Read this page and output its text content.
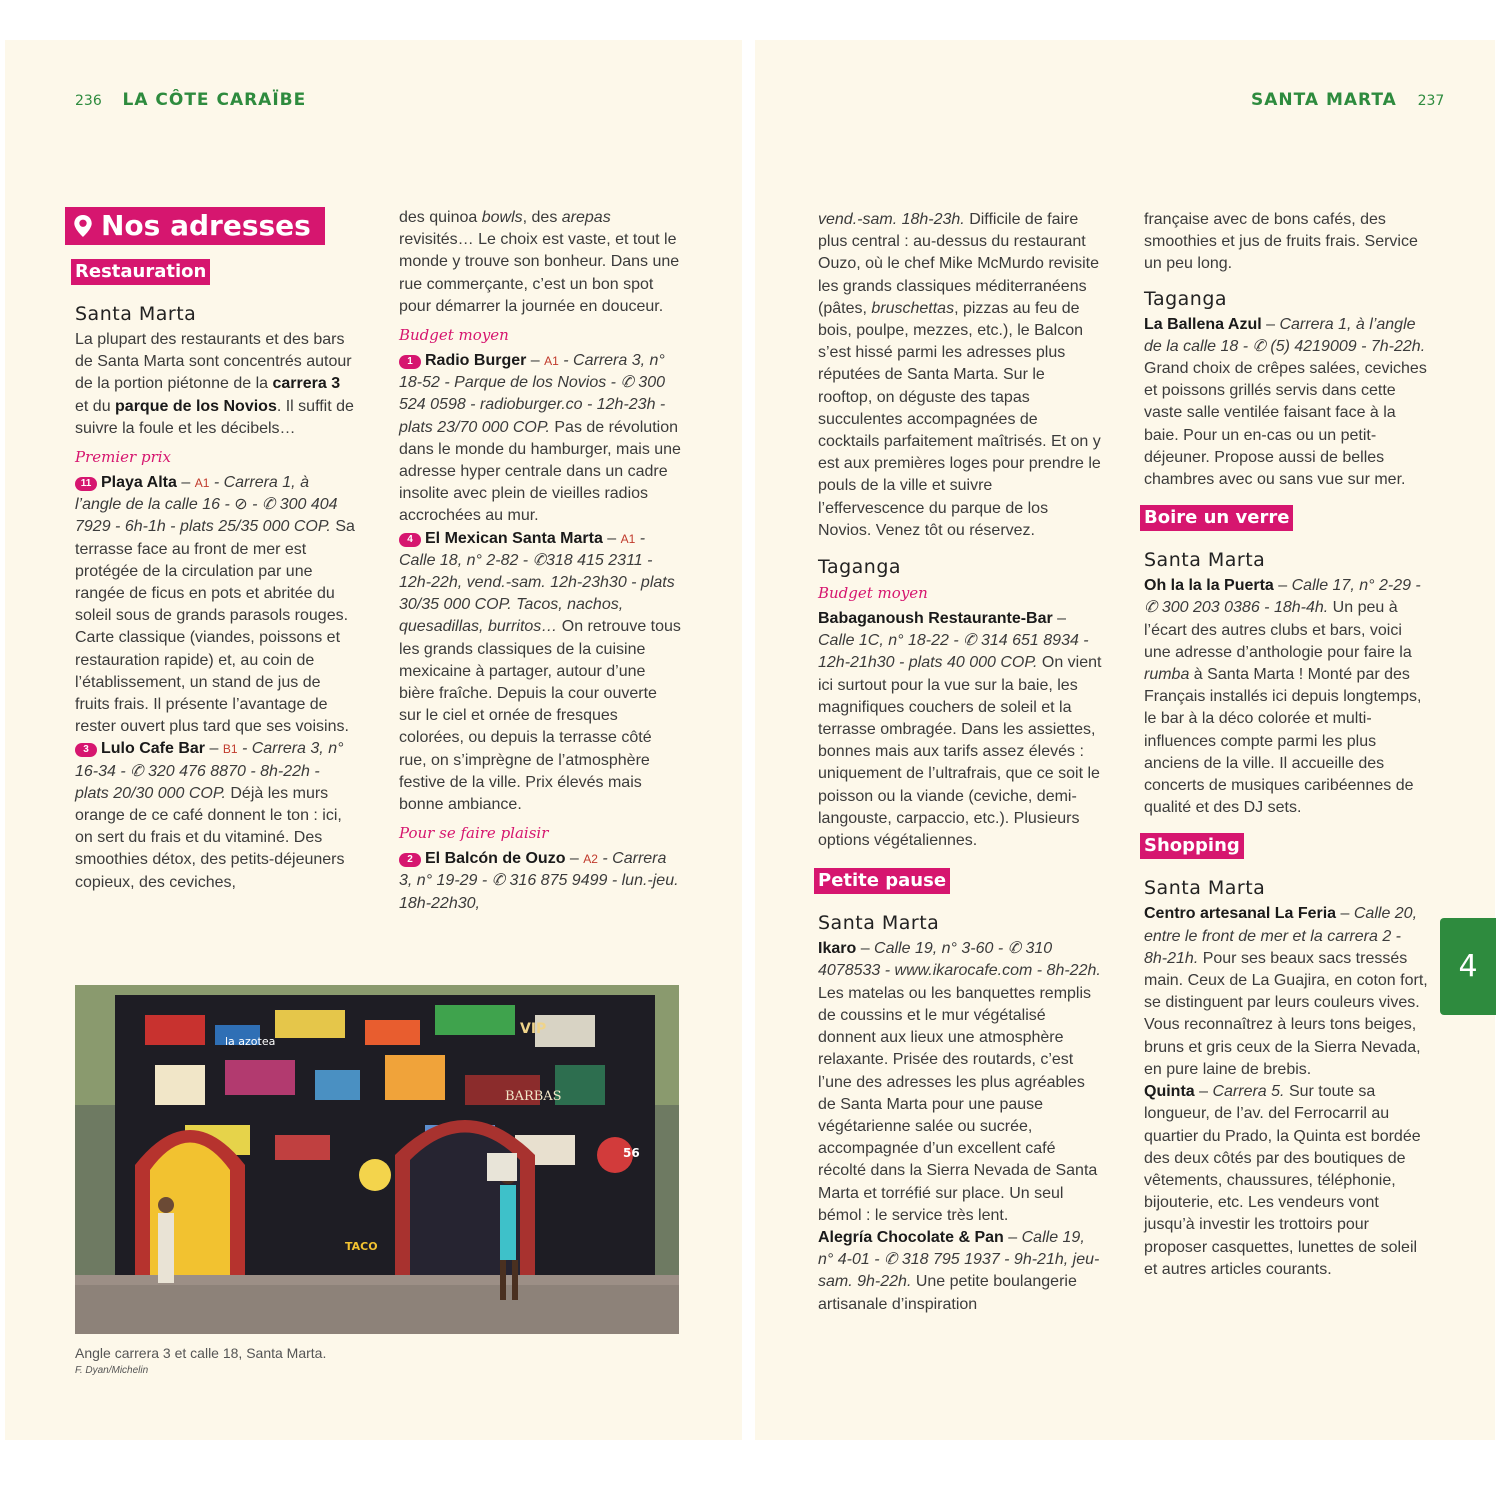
236 LA CÔTE CARAÏBE
Nos adresses
Restauration
Santa Marta

La plupart des restaurants et des bars de Santa Marta sont concentrés autour de la portion piétonne de la carrera 3 et du parque de los Novios. Il suffit de suivre la foule et les décibels…

Premier prix

11 Playa Alta – A1 - Carrera 1, à l’angle de la calle 16 - ⊘ - ✆ 300 404 7929 - 6h-1h - plats 25/35 000 COP. Sa terrasse face au front de mer est protégée de la circulation par une rangée de ficus en pots et abritée du soleil sous de grands parasols rouges. Carte classique (viandes, poissons et restauration rapide) et, au coin de l’établissement, un stand de jus de fruits frais. Il présente l’avantage de rester ouvert plus tard que ses voisins.

3 Lulo Cafe Bar – B1 - Carrera 3, n° 16-34 - ✆ 320 476 8870 - 8h-22h - plats 20/30 000 COP. Déjà les murs orange de ce café donnent le ton : ici, on sert du frais et du vitaminé. Des smoothies détox, des petits-déjeuners copieux, des ceviches,

des quinoa bowls, des arepas revisités… Le choix est vaste, et tout le monde y trouve son bonheur. Dans une rue commerçante, c’est un bon spot pour démarrer la journée en douceur.

Budget moyen

1 Radio Burger – A1 - Carrera 3, n° 18-52 - Parque de los Novios - ✆ 300 524 0598 - radioburger.co - 12h-23h - plats 23/70 000 COP. Pas de révolution dans le monde du hamburger, mais une adresse hyper centrale dans un cadre insolite avec plein de vieilles radios accrochées au mur.

4 El Mexican Santa Marta – A1 - Calle 18, n° 2-82 - ✆318 415 2311 - 12h-22h, vend.-sam. 12h-23h30 - plats 30/35 000 COP. Tacos, nachos, quesadillas, burritos… On retrouve tous les grands classiques de la cuisine mexicaine à partager, autour d’une bière fraîche. Depuis la cour ouverte sur le ciel et ornée de fresques colorées, ou depuis la terrasse côté rue, on s’imprègne de l’atmosphère festive de la ville. Prix élevés mais bonne ambiance.

Pour se faire plaisir

2 El Balcón de Ouzo – A2 - Carrera 3, n° 19-29 - ✆ 316 875 9499 - lun.-jeu. 18h-22h30,

la azotea
BARBAS
VIP
56
TACO
Angle carrera 3 et calle 18, Santa Marta.
F. Dyan/Michelin
SANTA MARTA 237

vend.-sam. 18h-23h. Difficile de faire plus central : au-dessus du restaurant Ouzo, où le chef Mike McMurdo revisite les grands classiques méditerranéens (pâtes, bruschettas, pizzas au feu de bois, poulpe, mezzes, etc.), le Balcon s’est hissé parmi les adresses plus réputées de Santa Marta. Sur le rooftop, on déguste des tapas succulentes accompagnées de cocktails parfaitement maîtrisés. Et on y est aux premières loges pour prendre le pouls de la ville et suivre l’effervescence du parque de los Novios. Venez tôt ou réservez.

Taganga
Budget moyen

Babaganoush Restaurante-Bar – Calle 1C, n° 18-22 - ✆ 314 651 8934 - 12h-21h30 - plats 40 000 COP. On vient ici surtout pour la vue sur la baie, les magnifiques couchers de soleil et la terrasse ombragée. Dans les assiettes, bonnes mais aux tarifs assez élevés : uniquement de l’ultrafrais, que ce soit le poisson ou la viande (ceviche, demi-langouste, carpaccio, etc.). Plusieurs options végétaliennes.

Petite pause
Santa Marta

Ikaro – Calle 19, n° 3-60 - ✆ 310 4078533 - www.ikarocafe.com - 8h-22h. Les matelas ou les banquettes remplis de coussins et le mur végétalisé donnent aux lieux une atmosphère relaxante. Prisée des routards, c’est l’une des adresses les plus agréables de Santa Marta pour une pause végétarienne salée ou sucrée, accompagnée d’un excellent café récolté dans la Sierra Nevada de Santa Marta et torréfié sur place. Un seul bémol : le service très lent.

Alegría Chocolate & Pan – Calle 19, n° 4-01 - ✆ 318 795 1937 - 9h-21h, jeu-sam. 9h-22h. Une petite boulangerie artisanale d’inspiration

française avec de bons cafés, des smoothies et jus de fruits frais. Service un peu long.

Taganga

La Ballena Azul – Carrera 1, à l’angle de la calle 18 - ✆ (5) 4219009 - 7h-22h. Grand choix de crêpes salées, ceviches et poissons grillés servis dans cette vaste salle ventilée faisant face à la baie. Pour un en-cas ou un petit-déjeuner. Propose aussi de belles chambres avec ou sans vue sur mer.

Boire un verre
Santa Marta

Oh la la la Puerta – Calle 17, n° 2-29 - ✆ 300 203 0386 - 18h-4h. Un peu à l’écart des autres clubs et bars, voici une adresse d’anthologie pour faire la rumba à Santa Marta ! Monté par des Français installés ici depuis longtemps, le bar à la déco colorée et multi-influences compte parmi les plus anciens de la ville. Il accueille des concerts de musiques caribéennes de qualité et des DJ sets.

Shopping
Santa Marta

Centro artesanal La Feria – Calle 20, entre le front de mer et la carrera 2 - 8h-21h. Pour ses beaux sacs tressés main. Ceux de La Guajira, en coton fort, se distinguent par leurs couleurs vives. Vous reconnaîtrez à leurs tons beiges, bruns et gris ceux de la Sierra Nevada, en pure laine de brebis.

Quinta – Carrera 5. Sur toute sa longueur, de l’av. del Ferrocarril au quartier du Prado, la Quinta est bordée des deux côtés par des boutiques de vêtements, chaussures, téléphonie, bijouterie, etc. Les vendeurs vont jusqu’à investir les trottoirs pour proposer casquettes, lunettes de soleil et autres articles courants.

4
